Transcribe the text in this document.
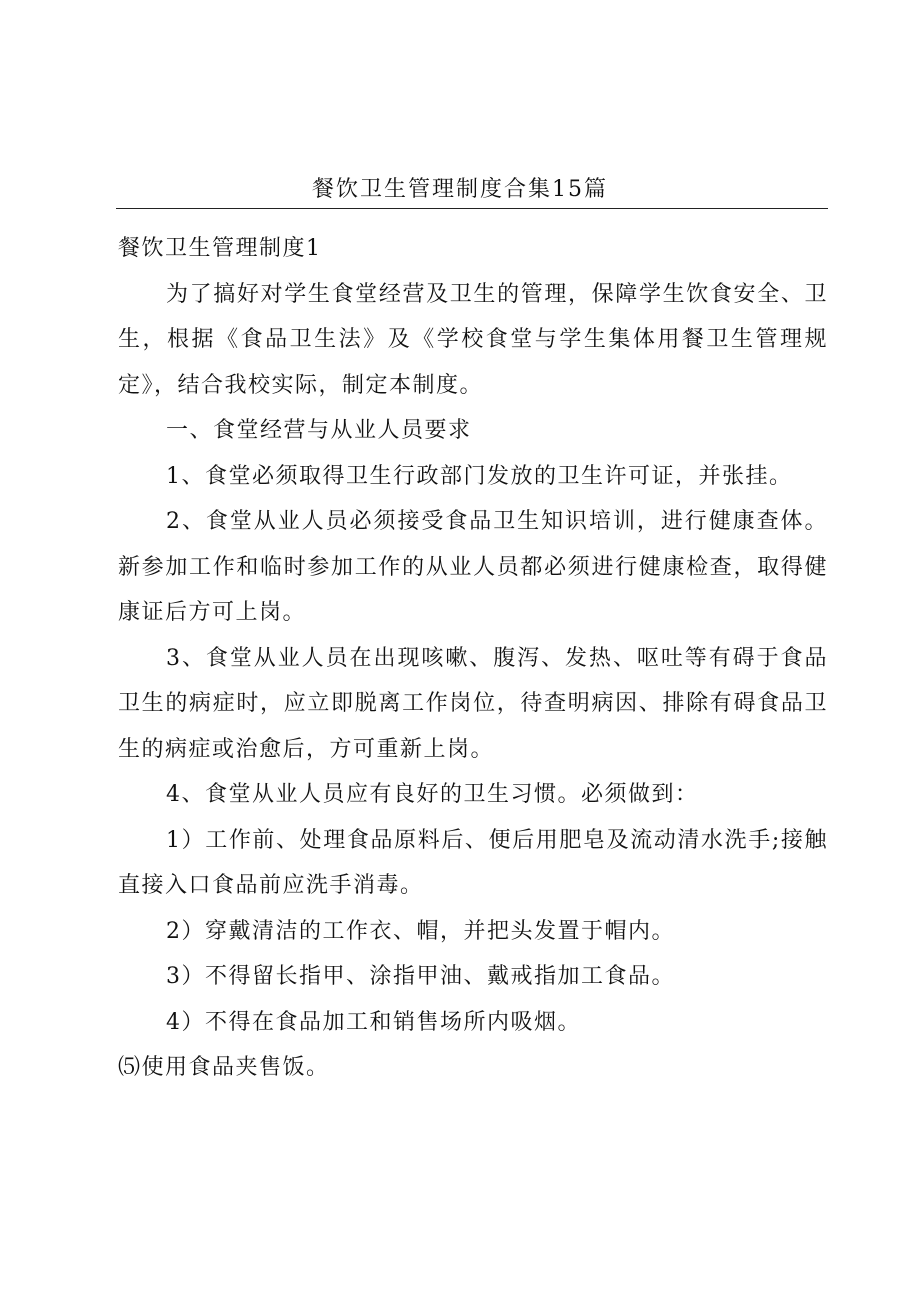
餐饮卫生管理制度合集15篇

餐饮卫生管理制度1

为了搞好对学生食堂经营及卫生的管理，保障学生饮食安全、卫生，根据《食品卫生法》及《学校食堂与学生集体用餐卫生管理规定》，结合我校实际，制定本制度。

一、食堂经营与从业人员要求

1、食堂必须取得卫生行政部门发放的卫生许可证，并张挂。

2、食堂从业人员必须接受食品卫生知识培训，进行健康查体。新参加工作和临时参加工作的从业人员都必须进行健康检查，取得健康证后方可上岗。

3、食堂从业人员在出现咳嗽、腹泻、发热、呕吐等有碍于食品卫生的病症时，应立即脱离工作岗位，待查明病因、排除有碍食品卫生的病症或治愈后，方可重新上岗。

4、食堂从业人员应有良好的卫生习惯。必须做到：

1）工作前、处理食品原料后、便后用肥皂及流动清水洗手;接触直接入口食品前应洗手消毒。

2）穿戴清洁的工作衣、帽，并把头发置于帽内。

3）不得留长指甲、涂指甲油、戴戒指加工食品。

4）不得在食品加工和销售场所内吸烟。

⑸使用食品夹售饭。
